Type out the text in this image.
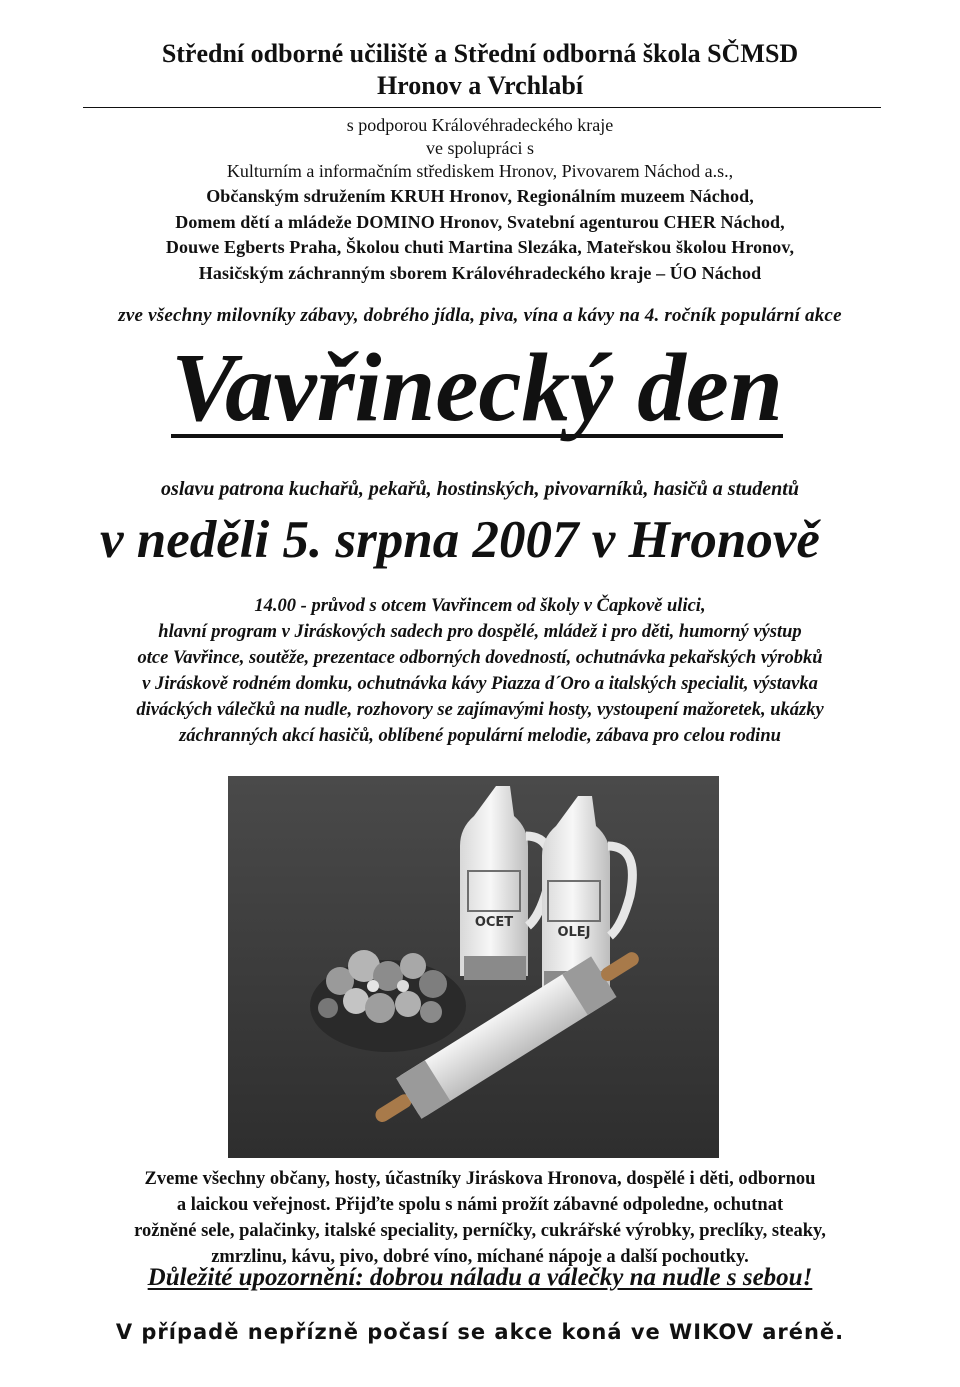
Střední odborné učiliště a Střední odborná škola SČMSD
Hronov a Vrchlabí
s podporou Královéhradeckého kraje
ve spolupráci s
Kulturním a informačním střediskem Hronov, Pivovarem Náchod a.s.,
Občanským sdružením KRUH Hronov, Regionálním muzeem Náchod,
Domem dětí a mládeže DOMINO Hronov, Svatební agenturou CHER Náchod,
Douwe Egberts Praha, Školou chuti Martina Slezáka, Mateřskou školou Hronov,
Hasičským záchranným sborem Královéhradeckého kraje – ÚO Náchod
zve všechny milovníky zábavy, dobrého jídla, piva, vína a kávy na 4. ročník populární akce
Vavřinecký den
oslavu patrona kuchařů, pekařů, hostinských, pivovarníků, hasičů a studentů
v neděli 5. srpna 2007 v Hronově
14.00 - průvod s otcem Vavřincem od školy v Čapkově ulici,
hlavní program v Jiráskových sadech pro dospělé, mládež i pro děti, humorný výstup
otce Vavřince, soutěže, prezentace odborných dovedností, ochutnávka pekařských výrobků
v Jiráskově rodném domku, ochutnávka kávy Piazza d´Oro a italských specialit, výstavka
diváckých válečků na nudle, rozhovory se zajímavými hosty, vystoupení mažoretek, ukázky
záchranných akcí hasičů, oblíbené populární melodie, zábava pro celou rodinu
OCET
OLEJ
Zveme všechny občany, hosty, účastníky Jiráskova Hronova, dospělé i děti, odbornou
a laickou veřejnost. Přijďte spolu s námi prožít zábavné odpoledne, ochutnat
rožněné sele, palačinky, italské speciality, perníčky, cukrářské výrobky, preclíky, steaky,
zmrzlinu, kávu, pivo, dobré víno, míchané nápoje a další pochoutky.
Důležité upozornění: dobrou náladu a válečky na nudle s sebou!
V případě nepřízně počasí se akce koná ve WIKOV aréně.
